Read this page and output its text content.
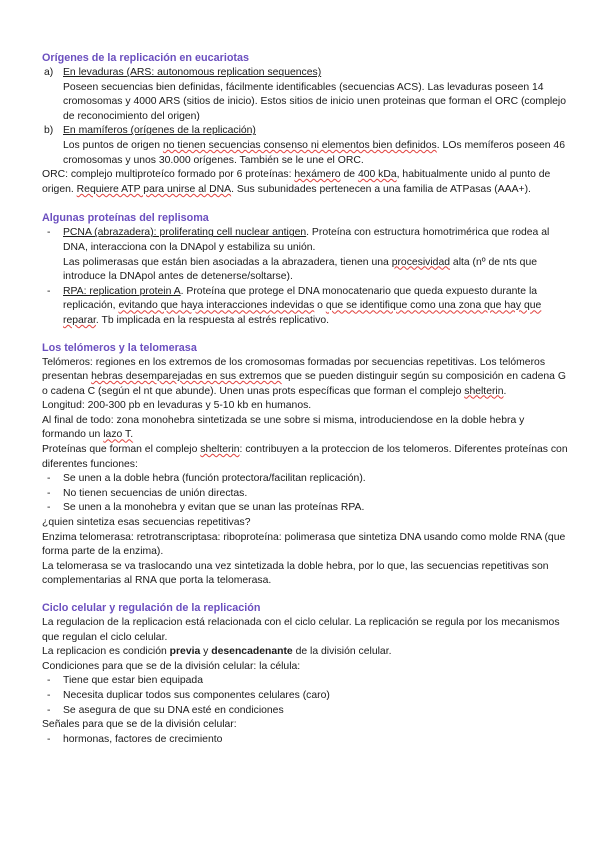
Orígenes de la replicación en eucariotas
a) En levaduras (ARS: autonomous replication sequences)

Poseen secuencias bien definidas, fácilmente identificables (secuencias ACS). Las levaduras poseen 14 cromosomas y 4000 ARS (sitios de inicio). Estos sitios de inicio unen proteinas que forman el ORC (complejo de reconocimiento del origen)

b) En mamíferos (orígenes de la replicación)

Los puntos de origen no tienen secuencias consenso ni elementos bien definidos. LOs memíferos poseen 46 cromosomas y unos 30.000 orígenes. También se le une el ORC.

ORC: complejo multiproteíco formado por 6 proteínas: hexámero de 400 kDa, habitualmente unido al punto de origen. Requiere ATP para unirse al DNA. Sus subunidades pertenecen a una familia de ATPasas (AAA+).

Algunas proteínas del replisoma

- PCNA (abrazadera): proliferating cell nuclear antigen. Proteína con estructura homotrimérica que rodea al DNA, interacciona con la DNApol y estabiliza su unión.

Las polimerasas que están bien asociadas a la abrazadera, tienen una procesividad alta (nº de nts que introduce la DNApol antes de detenerse/soltarse).

- RPA: replication protein A. Proteína que protege el DNA monocatenario que queda expuesto durante la replicación, evitando que haya interacciones indevidas o que se identifique como una zona que hay que reparar. Tb implicada en la respuesta al estrés replicativo.

Los telómeros y la telomerasa

Telómeros: regiones en los extremos de los cromosomas formadas por secuencias repetitivas. Los telómeros presentan hebras desemparejadas en sus extremos que se pueden distinguir según su composición en cadena G o cadena C (según el nt que abunde). Unen unas prots específicas que forman el complejo shelterin.

Longitud: 200-300 pb en levaduras y 5-10 kb en humanos.

Al final de todo: zona monohebra sintetizada se une sobre si misma, introduciendose en la doble hebra y formando un lazo T.

Proteínas que forman el complejo shelterin: contribuyen a la proteccion de los telomeros. Diferentes proteínas con diferentes funciones:

- Se unen a la doble hebra (función protectora/facilitan replicación).
- No tienen secuencias de unión directas.
- Se unen a la monohebra y evitan que se unan las proteínas RPA.

¿quien sintetiza esas secuencias repetitivas?

Enzima telomerasa: retrotranscriptasa: riboproteína: polimerasa que sintetiza DNA usando como molde RNA (que forma parte de la enzima).

La telomerasa se va traslocando una vez sintetizada la doble hebra, por lo que, las secuencias repetitivas son complementarias al RNA que porta la telomerasa.

Ciclo celular y regulación de la replicación

La regulacion de la replicacion está relacionada con el ciclo celular. La replicación se regula por los mecanismos que regulan el ciclo celular.

La replicacion es condición previa y desencadenante de la división celular.

Condiciones para que se de la división celular: la célula:

- Tiene que estar bien equipada
- Necesita duplicar todos sus componentes celulares (caro)
- Se asegura de que su DNA esté en condiciones

Señales para que se de la división celular:

- hormonas, factores de crecimiento
